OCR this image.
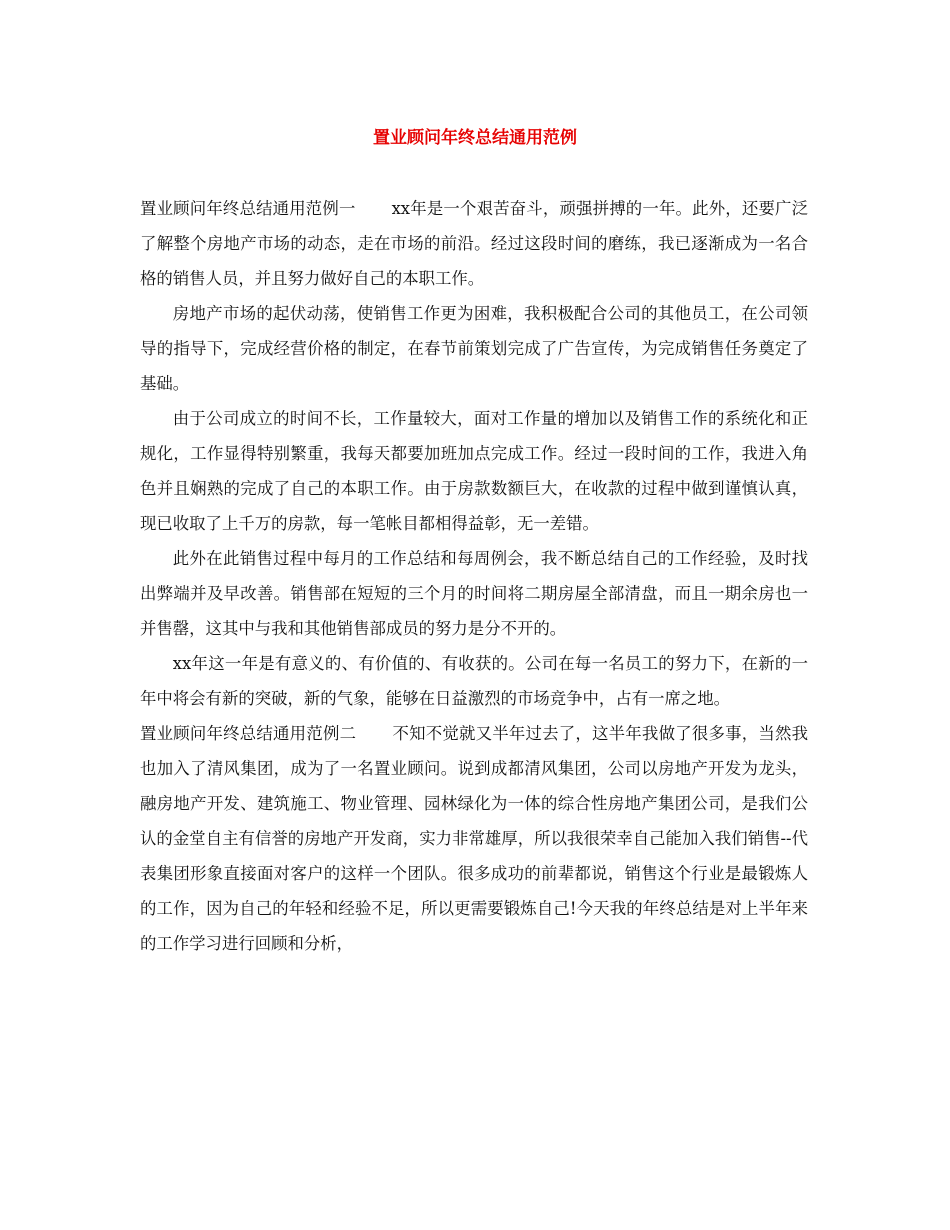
置业顾问年终总结通用范例

置业顾问年终总结通用范例一 xx年是一个艰苦奋斗，顽强拼搏的一年。此外，还要广泛了解整个房地产市场的动态，走在市场的前沿。经过这段时间的磨练，我已逐渐成为一名合格的销售人员，并且努力做好自己的本职工作。

房地产市场的起伏动荡，使销售工作更为困难，我积极配合公司的其他员工，在公司领导的指导下，完成经营价格的制定，在春节前策划完成了广告宣传，为完成销售任务奠定了基础。

由于公司成立的时间不长，工作量较大，面对工作量的增加以及销售工作的系统化和正规化，工作显得特别繁重，我每天都要加班加点完成工作。经过一段时间的工作，我进入角色并且娴熟的完成了自己的本职工作。由于房款数额巨大，在收款的过程中做到谨慎认真，现已收取了上千万的房款，每一笔帐目都相得益彰，无一差错。

此外在此销售过程中每月的工作总结和每周例会，我不断总结自己的工作经验，及时找出弊端并及早改善。销售部在短短的三个月的时间将二期房屋全部清盘，而且一期余房也一并售罄，这其中与我和其他销售部成员的努力是分不开的。

xx年这一年是有意义的、有价值的、有收获的。公司在每一名员工的努力下，在新的一年中将会有新的突破，新的气象，能够在日益激烈的市场竞争中，占有一席之地。

置业顾问年终总结通用范例二 不知不觉就又半年过去了，这半年我做了很多事，当然我也加入了清风集团，成为了一名置业顾问。说到成都清风集团，公司以房地产开发为龙头，融房地产开发、建筑施工、物业管理、园林绿化为一体的综合性房地产集团公司，是我们公认的金堂自主有信誉的房地产开发商，实力非常雄厚，所以我很荣幸自己能加入我们销售--代表集团形象直接面对客户的这样一个团队。很多成功的前辈都说，销售这个行业是最锻炼人的工作，因为自己的年轻和经验不足，所以更需要锻炼自己!今天我的年终总结是对上半年来的工作学习进行回顾和分析，
